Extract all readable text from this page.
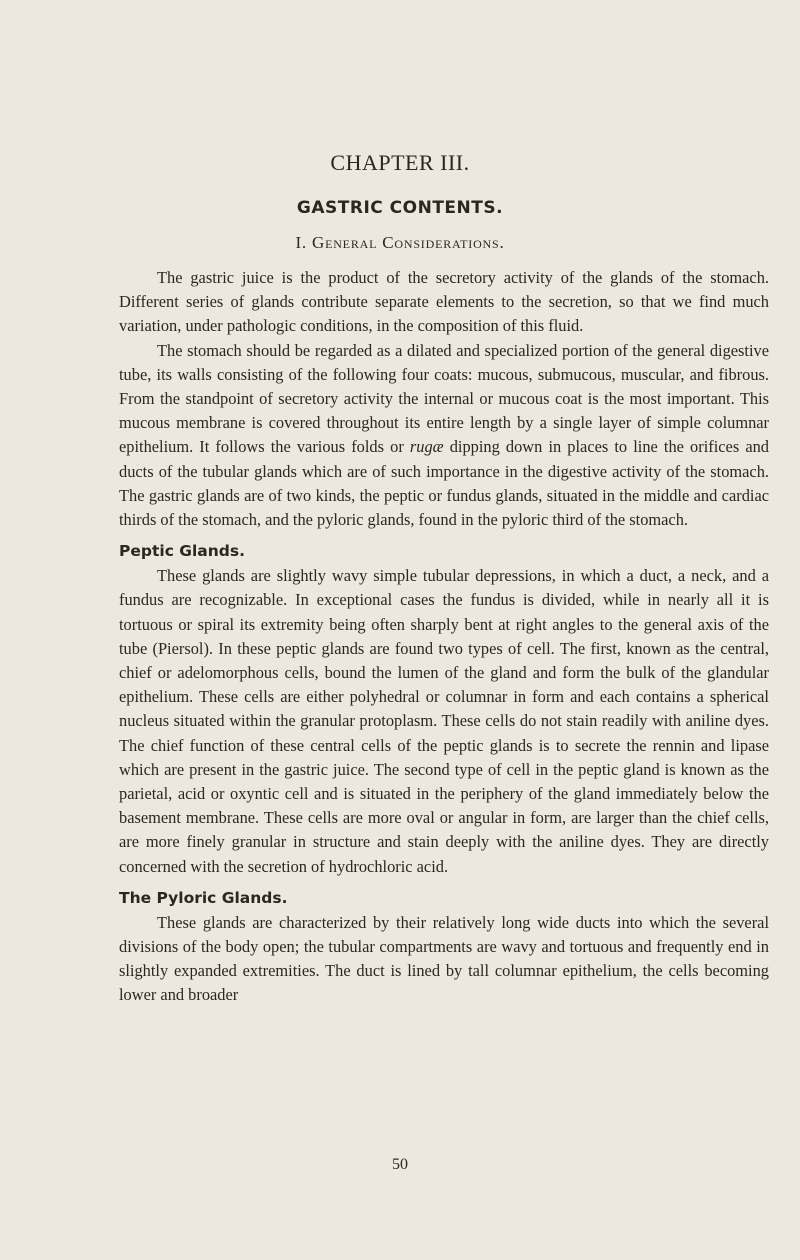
CHAPTER III.
GASTRIC CONTENTS.
I. General Considerations.

The gastric juice is the product of the secretory activity of the glands of the stomach. Different series of glands contribute separate elements to the secretion, so that we find much variation, under pathologic conditions, in the composition of this fluid.

The stomach should be regarded as a dilated and specialized portion of the general digestive tube, its walls consisting of the following four coats: mucous, submucous, muscular, and fibrous. From the standpoint of secretory activity the internal or mucous coat is the most important. This mucous membrane is covered throughout its entire length by a single layer of simple columnar epithelium. It follows the various folds or rugæ dipping down in places to line the orifices and ducts of the tubular glands which are of such importance in the digestive activity of the stomach. The gastric glands are of two kinds, the peptic or fundus glands, situated in the middle and cardiac thirds of the stomach, and the pyloric glands, found in the pyloric third of the stomach.

Peptic Glands.

These glands are slightly wavy simple tubular depressions, in which a duct, a neck, and a fundus are recognizable. In exceptional cases the fundus is divided, while in nearly all it is tortuous or spiral its extremity being often sharply bent at right angles to the general axis of the tube (Piersol). In these peptic glands are found two types of cell. The first, known as the central, chief or adelomorphous cells, bound the lumen of the gland and form the bulk of the glandular epithelium. These cells are either polyhedral or columnar in form and each contains a spherical nucleus situated within the granular protoplasm. These cells do not stain readily with aniline dyes. The chief function of these central cells of the peptic glands is to secrete the rennin and lipase which are present in the gastric juice. The second type of cell in the peptic gland is known as the parietal, acid or oxyntic cell and is situated in the periphery of the gland immediately below the basement membrane. These cells are more oval or angular in form, are larger than the chief cells, are more finely granular in structure and stain deeply with the aniline dyes. They are directly concerned with the secretion of hydrochloric acid.

The Pyloric Glands.

These glands are characterized by their relatively long wide ducts into which the several divisions of the body open; the tubular compartments are wavy and tortuous and frequently end in slightly expanded extremities. The duct is lined by tall columnar epithelium, the cells becoming lower and broader

50
